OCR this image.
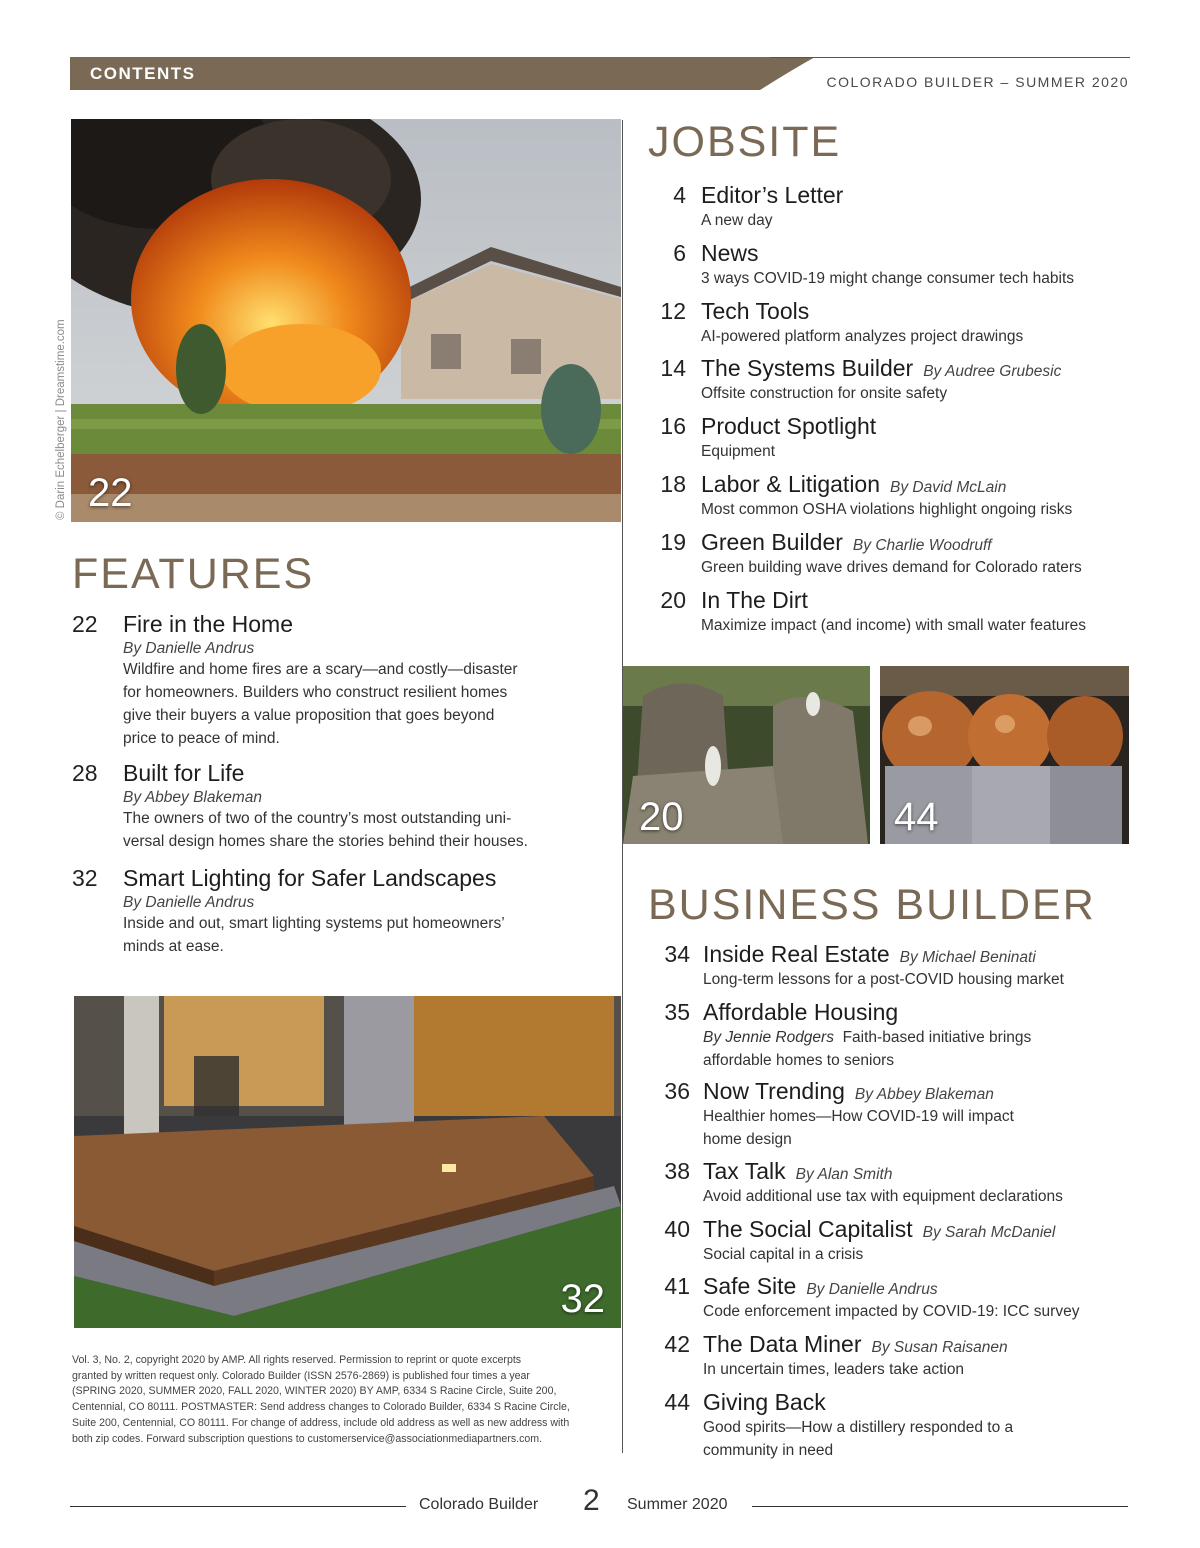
CONTENTS	COLORADO BUILDER – SUMMER 2020
22
© Darin Echelberger | Dreamstime.com
FEATURES
22 Fire in the Home
By Danielle Andrus
Wildfire and home fires are a scary—and costly—disaster
for homeowners. Builders who construct resilient homes
give their buyers a value proposition that goes beyond
price to peace of mind.
28 Built for Life
By Abbey Blakeman
The owners of two of the country’s most outstanding uni-
versal design homes share the stories behind their houses.
32 Smart Lighting for Safer Landscapes
By Danielle Andrus
Inside and out, smart lighting systems put homeowners’
minds at ease.
32
Vol. 3, No. 2, copyright 2020 by AMP. All rights reserved. Permission to reprint or quote excerpts
granted by written request only. Colorado Builder (ISSN 2576-2869) is published four times a year
(SPRING 2020, SUMMER 2020, FALL 2020, WINTER 2020) BY AMP, 6334 S Racine Circle, Suite 200,
Centennial, CO 80111. POSTMASTER: Send address changes to Colorado Builder, 6334 S Racine Circle,
Suite 200, Centennial, CO 80111. For change of address, include old address as well as new address with
both zip codes. Forward subscription questions to customerservice@associationmediapartners.com.
JOBSITE
4 Editor’s Letter
A new day
6 News
3 ways COVID-19 might change consumer tech habits
12 Tech Tools
AI-powered platform analyzes project drawings
14 The Systems Builder By Audree Grubesic
Offsite construction for onsite safety
16 Product Spotlight
Equipment
18 Labor & Litigation By David McLain
Most common OSHA violations highlight ongoing risks
19 Green Builder By Charlie Woodruff
Green building wave drives demand for Colorado raters
20 In The Dirt
Maximize impact (and income) with small water features
20	44
BUSINESS BUILDER
34 Inside Real Estate By Michael Beninati
Long-term lessons for a post-COVID housing market
35 Affordable Housing
By Jennie Rodgers Faith-based initiative brings
affordable homes to seniors
36 Now Trending By Abbey Blakeman
Healthier homes—How COVID-19 will impact
home design
38 Tax Talk By Alan Smith
Avoid additional use tax with equipment declarations
40 The Social Capitalist By Sarah McDaniel
Social capital in a crisis
41 Safe Site By Danielle Andrus
Code enforcement impacted by COVID-19: ICC survey
42 The Data Miner By Susan Raisanen
In uncertain times, leaders take action
44 Giving Back
Good spirits—How a distillery responded to a
community in need
Colorado Builder 2 Summer 2020
